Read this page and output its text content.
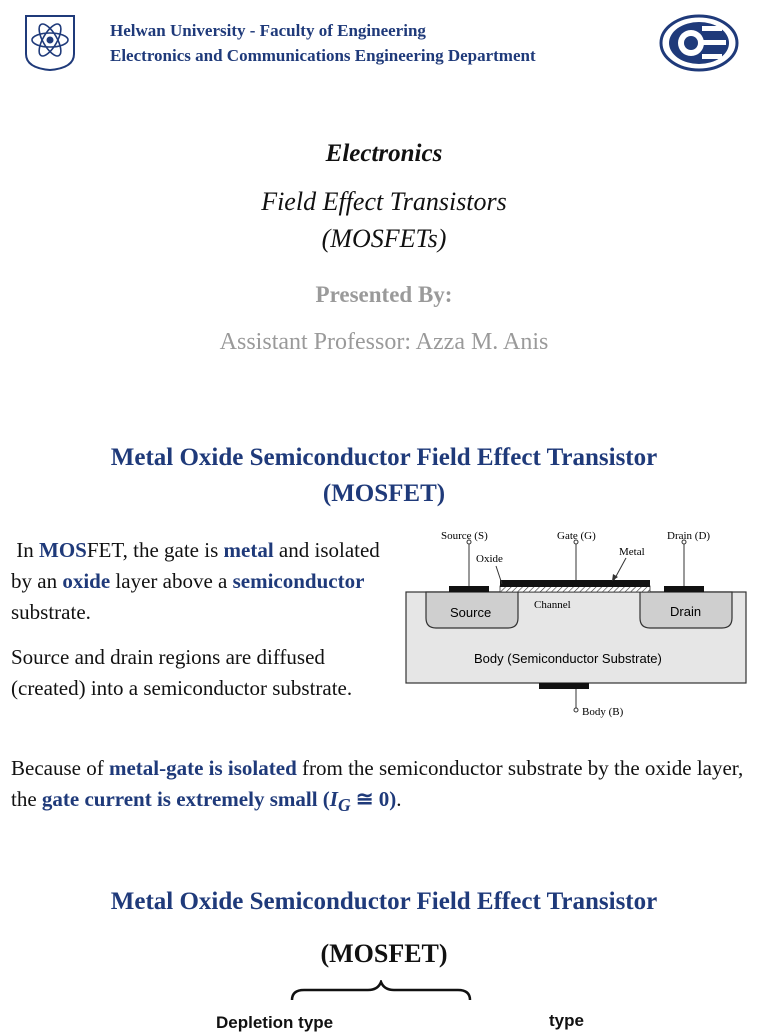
Helwan University - Faculty of Engineering
Electronics and Communications Engineering Department
Electronics
Field Effect Transistors
(MOSFETs)
Presented By:
Assistant Professor: Azza M. Anis
Metal Oxide Semiconductor Field Effect Transistor
(MOSFET)
In MOSFET, the gate is metal and isolated by an oxide layer above a semiconductor substrate.
Source and drain regions are diffused (created) into a semiconductor substrate.
Because of metal-gate is isolated from the semiconductor substrate by the oxide layer, the gate current is extremely small ($I_G$ ≅ 0).
Source (S)	Gate (G)	Drain (D)
Oxide
Metal
Channel
Source	Drain
Body (Semiconductor Substrate)
Body (B)
Metal Oxide Semiconductor Field Effect Transistor
(MOSFET)
Depletion type	type
